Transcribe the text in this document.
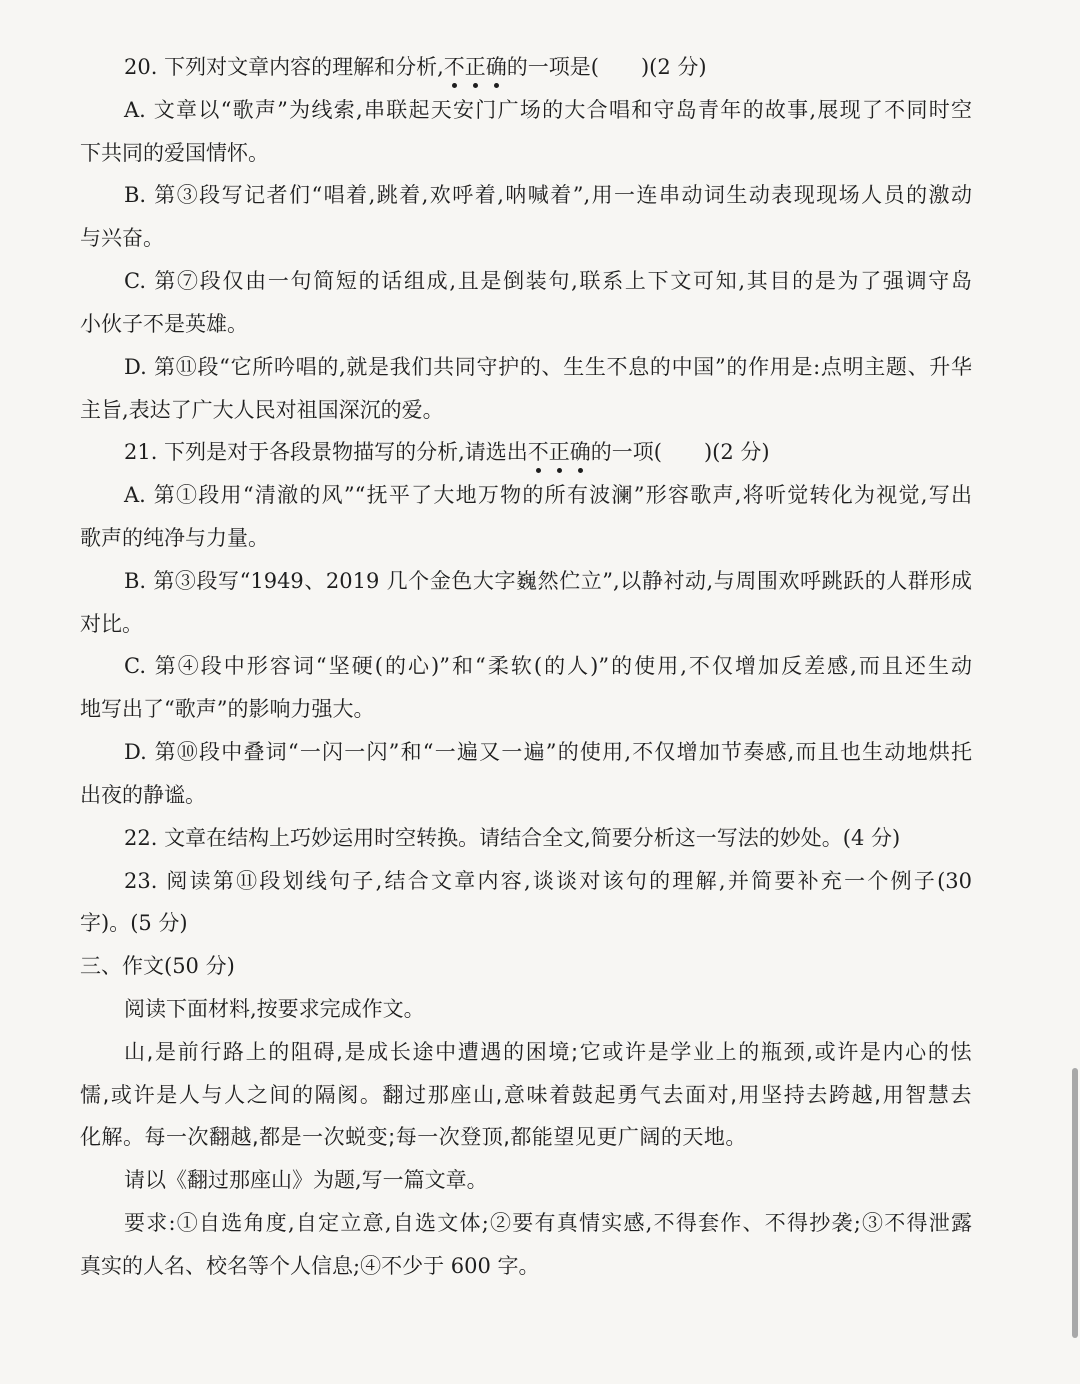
20. 下列对文章内容的理解和分析,不正确
的一项是(　　)(2 分)
A. 文章以“歌声”为线索,串联起天安门广场的大合唱和守岛青年的故事,展现了不同时空
下共同的爱国情怀。
B. 第③段写记者们“唱着,跳着,欢呼着,呐喊着”,用一连串动词生动表现现场人员的激动
与兴奋。
C. 第⑦段仅由一句简短的话组成,且是倒装句,联系上下文可知,其目的是为了强调守岛
小伙子不是英雄。
D. 第⑪段“它所吟唱的,就是我们共同守护的、生生不息的中国”的作用是:点明主题、升华
主旨,表达了广大人民对祖国深沉的爱。
21. 下列是对于各段景物描写的分析,请选出不正确
的一项(　　)(2 分)
A. 第①段用“清澈的风”“抚平了大地万物的所有波澜”形容歌声,将听觉转化为视觉,写出
歌声的纯净与力量。
B. 第③段写“1949、2019 几个金色大字巍然伫立”,以静衬动,与周围欢呼跳跃的人群形成
对比。
C. 第④段中形容词“坚硬(的心)”和“柔软(的人)”的使用,不仅增加反差感,而且还生动
地写出了“歌声”的影响力强大。
D. 第⑩段中叠词“一闪一闪”和“一遍又一遍”的使用,不仅增加节奏感,而且也生动地烘托
出夜的静谧。
22. 文章在结构上巧妙运用时空转换。请结合全文,简要分析这一写法的妙处。(4 分)
23. 阅读第⑪段划线句子,结合文章内容,谈谈对该句的理解,并简要补充一个例子(30
字)。(5 分)
三、作文(50 分)
阅读下面材料,按要求完成作文。
山,是前行路上的阻碍,是成长途中遭遇的困境;它或许是学业上的瓶颈,或许是内心的怯
懦,或许是人与人之间的隔阂。翻过那座山,意味着鼓起勇气去面对,用坚持去跨越,用智慧去
化解。每一次翻越,都是一次蜕变;每一次登顶,都能望见更广阔的天地。
请以《翻过那座山》为题,写一篇文章。
要求:①自选角度,自定立意,自选文体;②要有真情实感,不得套作、不得抄袭;③不得泄露
真实的人名、校名等个人信息;④不少于 600 字。
